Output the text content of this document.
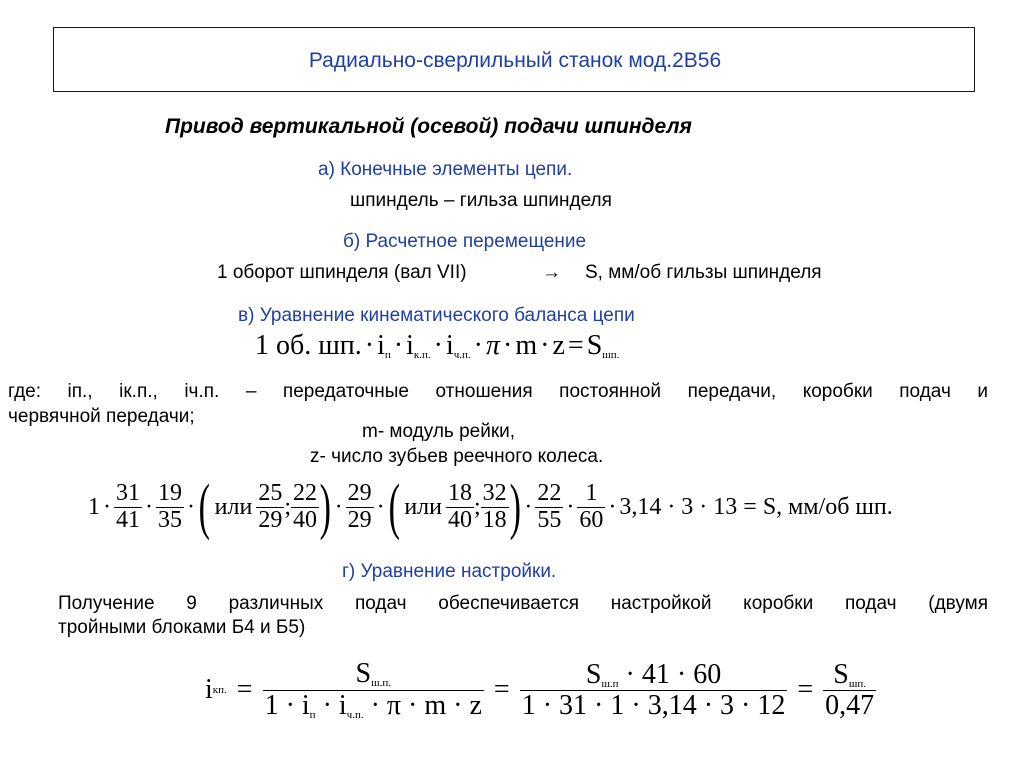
Радиально-сверлильный станок мод.2В56
Привод вертикальной (осевой) подачи шпинделя
а) Конечные элементы цепи.
шпиндель – гильза шпинделя
б) Расчетное перемещение
1 оборот шпинделя (вал VII)	→ S, мм/об гильзы шпинделя
в) Уравнение кинематического баланса цепи
1 об. шп. · $i_п \cdot i_{к.п.} \cdot i_{ч.п.} \cdot \pi \cdot m \cdot z = S_{шп.}$
где: iп., iк.п., iч.п. – передаточные отношения постоянной передачи, коробки подач и
червячной передачи;
m- модуль рейки,
z- число зубьев реечного колеса.
$1 \cdot \frac{31}{41} \cdot \frac{19}{35}$ · ( или $\frac{25}{29}$ ; $\frac{22}{40}$ ) · $\frac{29}{29}$ · ( или $\frac{18}{40}$ ; $\frac{32}{18}$ ) · $\frac{22}{55} \cdot \frac{1}{60} \cdot 3,14 \cdot 3 \cdot 13 = S$, мм/об шп.
г) Уравнение настройки.
Получение 9 различных подач обеспечивается настройкой коробки подач (двумя
тройными блоками Б4 и Б5)
i кп. = $\frac{S_{ш.п.}}{1 \cdot i_п \cdot i_{ч.п.} \cdot \pi \cdot m \cdot z} = \frac{S_{ш.п} \cdot 41 \cdot 60}{1 \cdot 31 \cdot 1 \cdot 3,14 \cdot 3 \cdot 12} = \frac{S_{шп.}}{0,47}$
